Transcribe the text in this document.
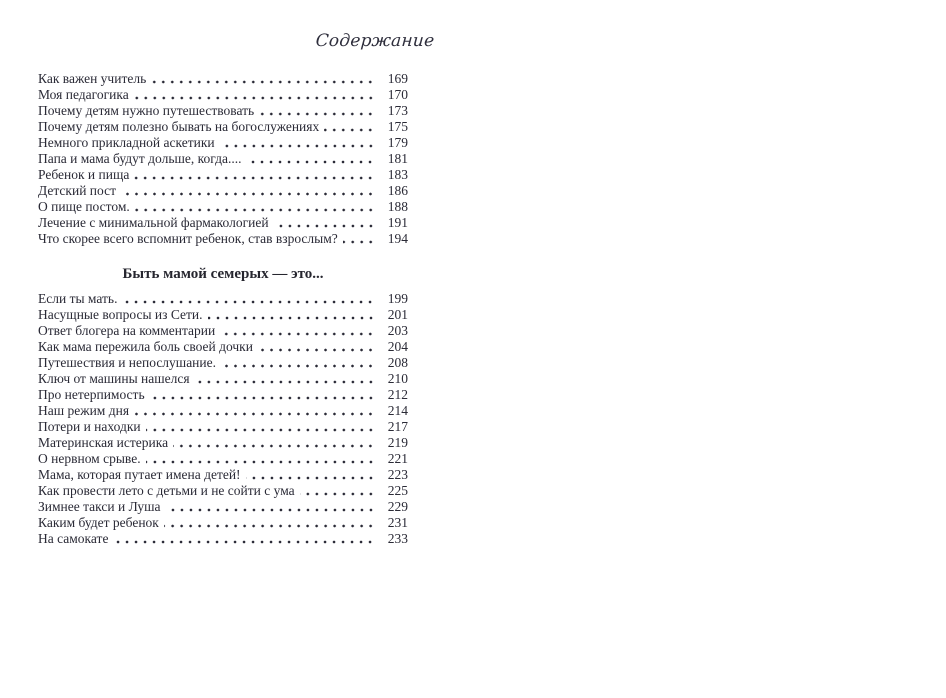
Содержание
Как важен учитель	169
Моя педагогика	170
Почему детям нужно путешествовать	173
Почему детям полезно бывать на богослужениях	175
Немного прикладной аскетики	179
Папа и мама будут дольше, когда....	181
Ребенок и пища	183
Детский пост	186
О пище постом.	188
Лечение с минимальной фармакологией	191
Что скорее всего вспомнит ребенок, став взрослым?	194
Быть мамой семерых — это...
Если ты мать.	199
Насущные вопросы из Сети.	201
Ответ блогера на комментарии	203
Как мама пережила боль своей дочки	204
Путешествия и непослушание.	208
Ключ от машины нашелся	210
Про нетерпимость	212
Наш режим дня	214
Потери и находки	217
Материнская истерика	219
О нервном срыве.	221
Мама, которая путает имена детей!	223
Как провести лето с детьми и не сойти с ума	225
Зимнее такси и Луша	229
Каким будет ребенок	231
На самокате	233
